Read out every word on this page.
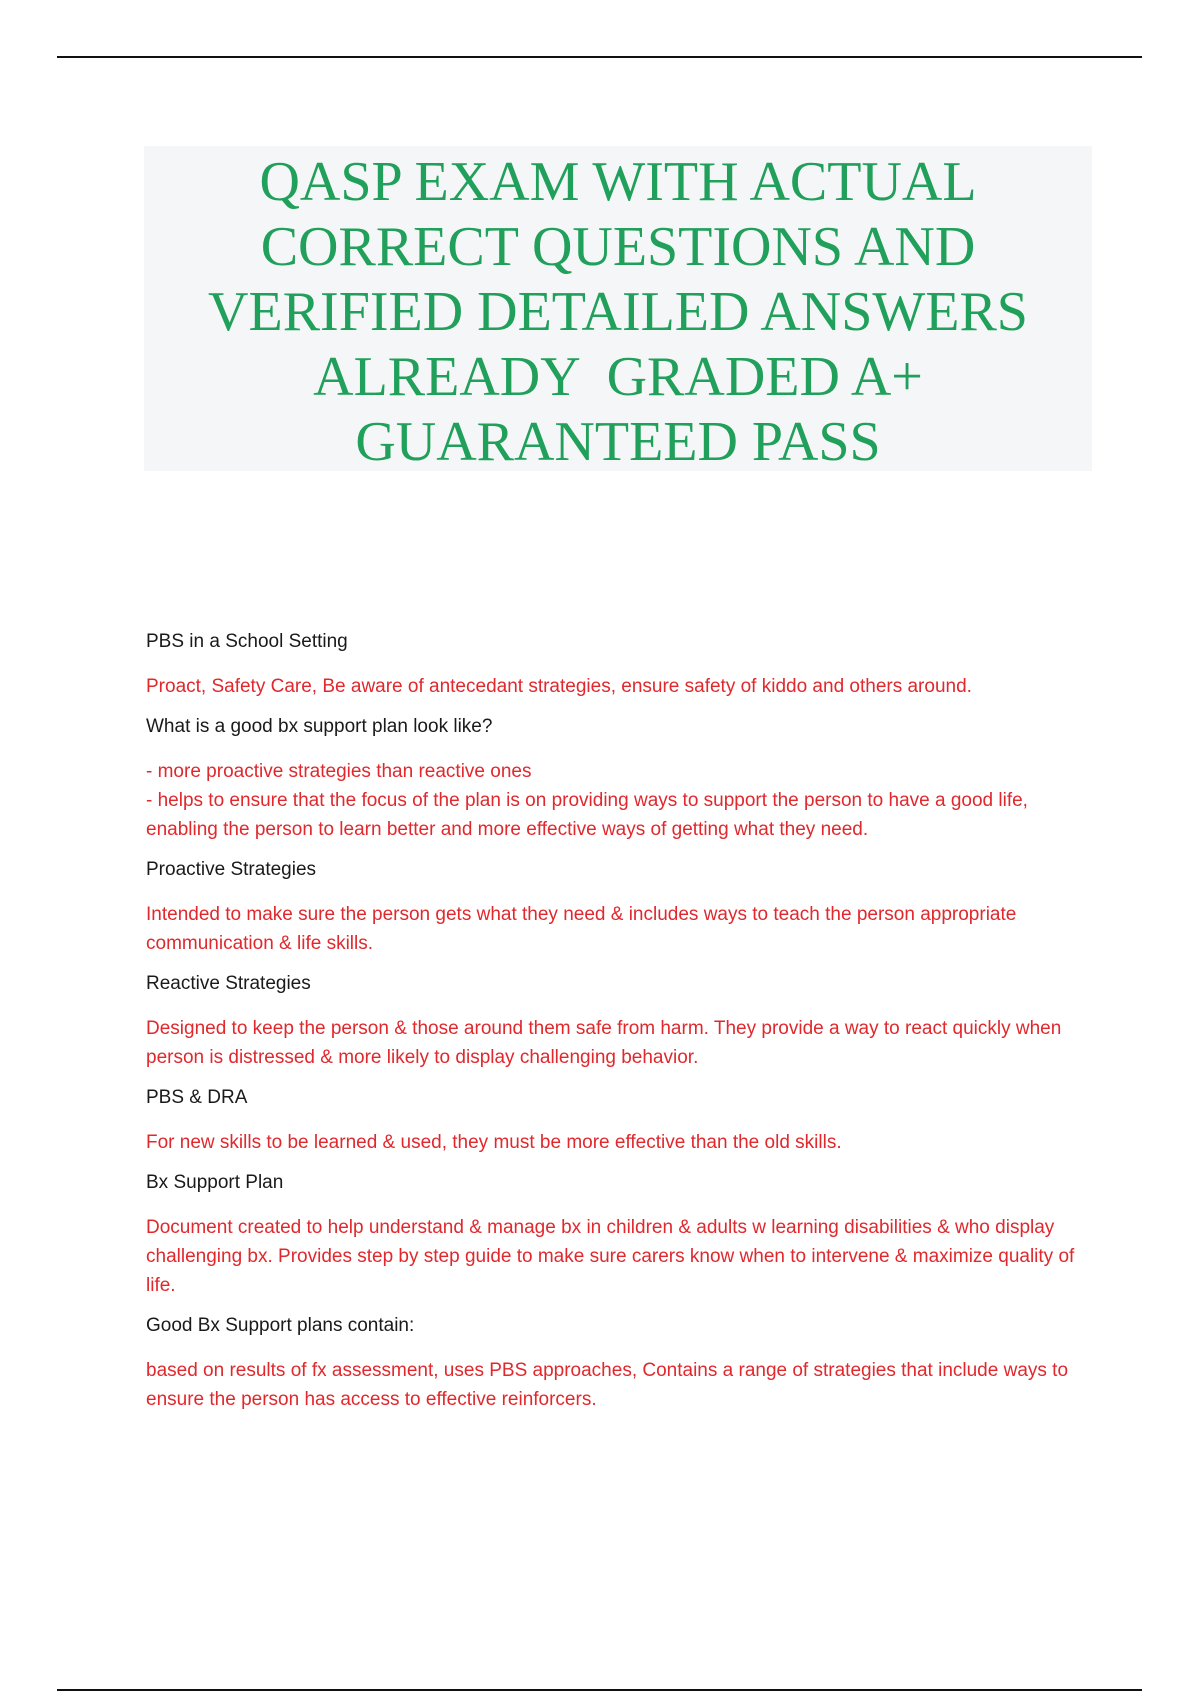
QASP EXAM WITH ACTUAL
CORRECT QUESTIONS AND
VERIFIED DETAILED ANSWERS
ALREADY  GRADED A+
GUARANTEED PASS

PBS in a School Setting

Proact, Safety Care, Be aware of antecedant strategies, ensure safety of kiddo and others around.

What is a good bx support plan look like?

- more proactive strategies than reactive ones
- helps to ensure that the focus of the plan is on providing ways to support the person to have a good life, enabling the person to learn better and more effective ways of getting what they need.

Proactive Strategies

Intended to make sure the person gets what they need & includes ways to teach the person appropriate communication & life skills.

Reactive Strategies

Designed to keep the person & those around them safe from harm. They provide a way to react quickly when person is distressed & more likely to display challenging behavior.

PBS & DRA

For new skills to be learned & used, they must be more effective than the old skills.

Bx Support Plan

Document created to help understand & manage bx in children & adults w learning disabilities & who display challenging bx. Provides step by step guide to make sure carers know when to intervene & maximize quality of life.

Good Bx Support plans contain:

based on results of fx assessment, uses PBS approaches, Contains a range of strategies that include ways to ensure the person has access to effective reinforcers.
